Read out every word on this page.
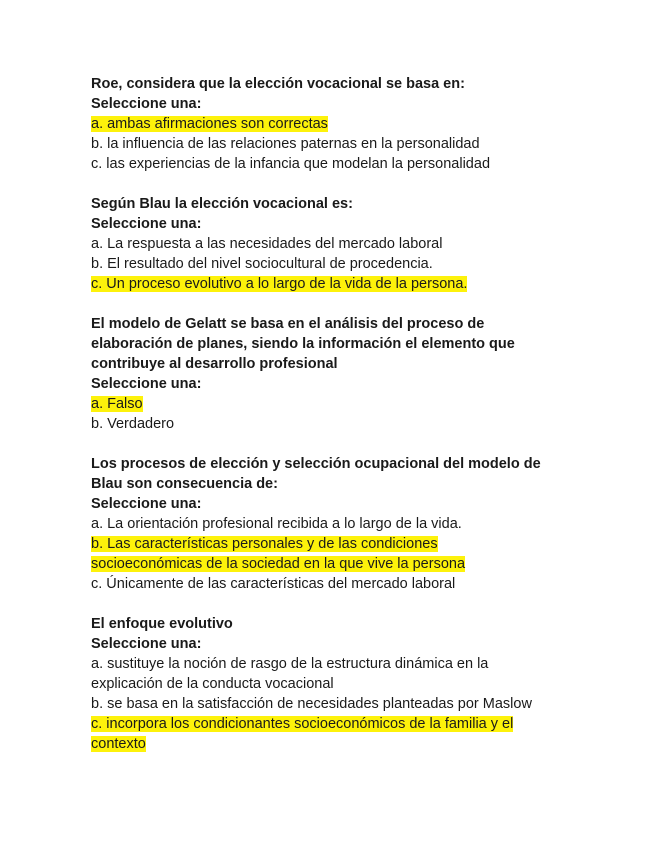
Roe, considera que la elección vocacional se basa en:
Seleccione una:
a. ambas afirmaciones son correctas
b. la influencia de las relaciones paternas en la personalidad
c. las experiencias de la infancia que modelan la personalidad
Según Blau la elección vocacional es:
Seleccione una:
a. La respuesta a las necesidades del mercado laboral
b. El resultado del nivel sociocultural de procedencia.
c. Un proceso evolutivo a lo largo de la vida de la persona.
El modelo de Gelatt se basa en el análisis del proceso de
elaboración de planes, siendo la información el elemento que
contribuye al desarrollo profesional
Seleccione una:
a. Falso
b. Verdadero
Los procesos de elección y selección ocupacional del modelo de
Blau son consecuencia de:
Seleccione una:
a. La orientación profesional recibida a lo largo de la vida.
b. Las características personales y de las condiciones
socioeconómicas de la sociedad en la que vive la persona
c. Únicamente de las características del mercado laboral
El enfoque evolutivo
Seleccione una:
a. sustituye la noción de rasgo de la estructura dinámica en la
explicación de la conducta vocacional
b. se basa en la satisfacción de necesidades planteadas por Maslow
c. incorpora los condicionantes socioeconómicos de la familia y el
contexto
